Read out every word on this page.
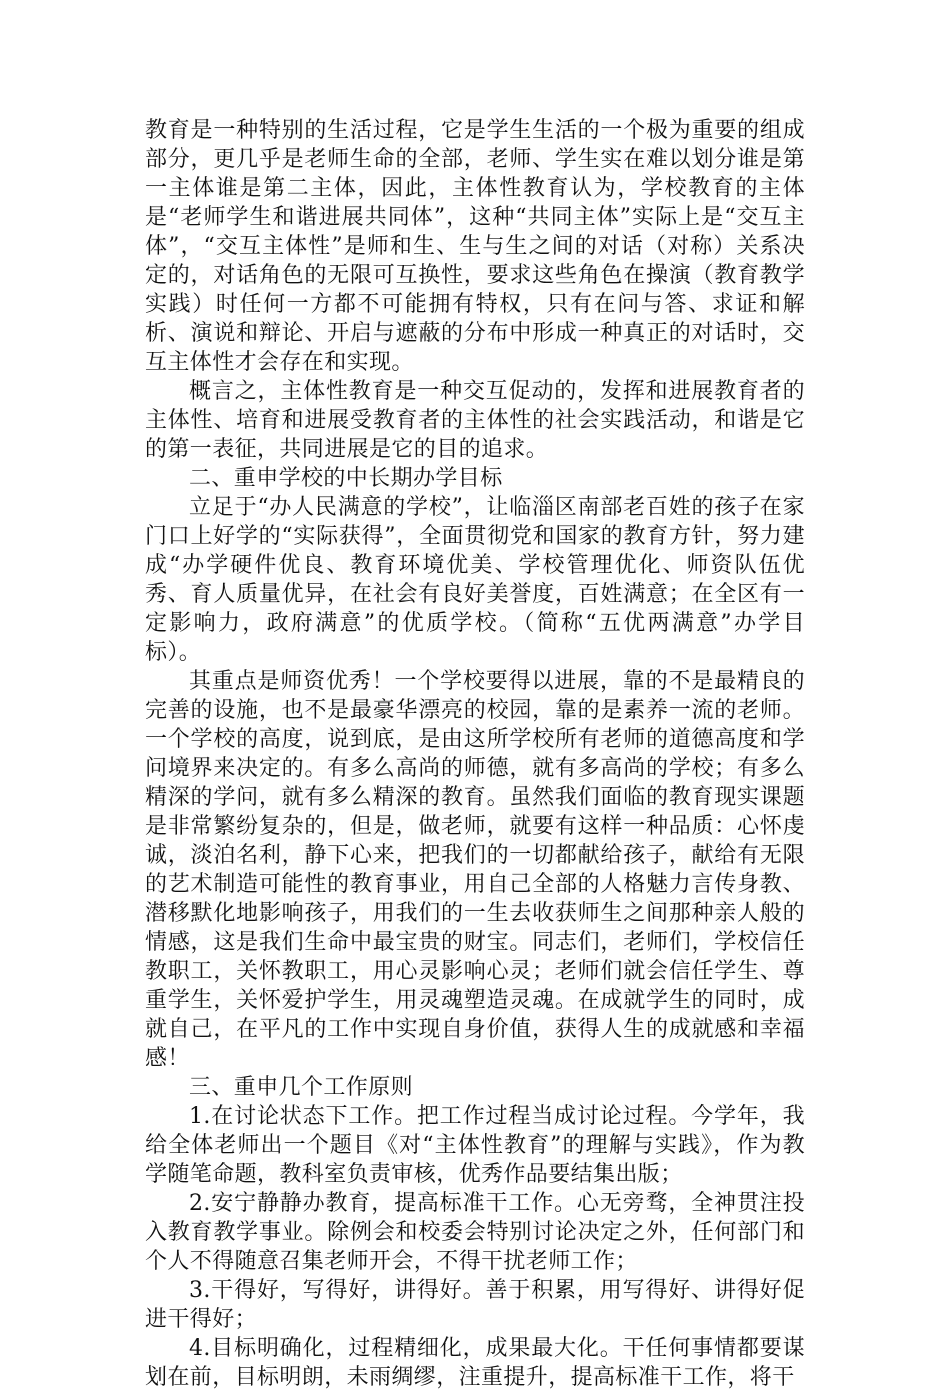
教育是一种特别的生活过程，它是学生生活的一个极为重要的组成部分，更几乎是老师生命的全部，老师、学生实在难以划分谁是第一主体谁是第二主体，因此，主体性教育认为，学校教育的主体是“老师学生和谐进展共同体”，这种“共同主体”实际上是“交互主体”，“交互主体性”是师和生、生与生之间的对话（对称）关系决定的，对话角色的无限可互换性，要求这些角色在操演（教育教学实践）时任何一方都不可能拥有特权，只有在问与答、求证和解析、演说和辩论、开启与遮蔽的分布中形成一种真正的对话时，交互主体性才会存在和实现。

概言之，主体性教育是一种交互促动的，发挥和进展教育者的主体性、培育和进展受教育者的主体性的社会实践活动，和谐是它的第一表征，共同进展是它的目的追求。

二、重申学校的中长期办学目标

立足于“办人民满意的学校”，让临淄区南部老百姓的孩子在家门口上好学的“实际获得”，全面贯彻党和国家的教育方针，努力建成“办学硬件优良、教育环境优美、学校管理优化、师资队伍优秀、育人质量优异，在社会有良好美誉度，百姓满意；在全区有一定影响力，政府满意”的优质学校。（简称“五优两满意”办学目标）。

其重点是师资优秀！一个学校要得以进展，靠的不是最精良的完善的设施，也不是最豪华漂亮的校园，靠的是素养一流的老师。一个学校的高度，说到底，是由这所学校所有老师的道德高度和学问境界来决定的。有多么高尚的师德，就有多高尚的学校；有多么精深的学问，就有多么精深的教育。虽然我们面临的教育现实课题是非常繁纷复杂的，但是，做老师，就要有这样一种品质：心怀虔诚，淡泊名利，静下心来，把我们的一切都献给孩子，献给有无限的艺术制造可能性的教育事业，用自己全部的人格魅力言传身教、潜移默化地影响孩子，用我们的一生去收获师生之间那种亲人般的情感，这是我们生命中最宝贵的财宝。同志们，老师们，学校信任教职工，关怀教职工，用心灵影响心灵；老师们就会信任学生、尊重学生，关怀爱护学生，用灵魂塑造灵魂。在成就学生的同时，成就自己，在平凡的工作中实现自身价值，获得人生的成就感和幸福感！

三、重申几个工作原则

1.在讨论状态下工作。把工作过程当成讨论过程。今学年，我给全体老师出一个题目《对“主体性教育”的理解与实践》，作为教学随笔命题，教科室负责审核，优秀作品要结集出版；

2.安宁静静办教育，提高标准干工作。心无旁骛，全神贯注投入教育教学事业。除例会和校委会特别讨论决定之外，任何部门和个人不得随意召集老师开会，不得干扰老师工作；

3.干得好，写得好，讲得好。善于积累，用写得好、讲得好促进干得好；

4.目标明确化，过程精细化，成果最大化。干任何事情都要谋划在前，目标明朗，未雨绸缪，注重提升，提高标准干工作，将干
